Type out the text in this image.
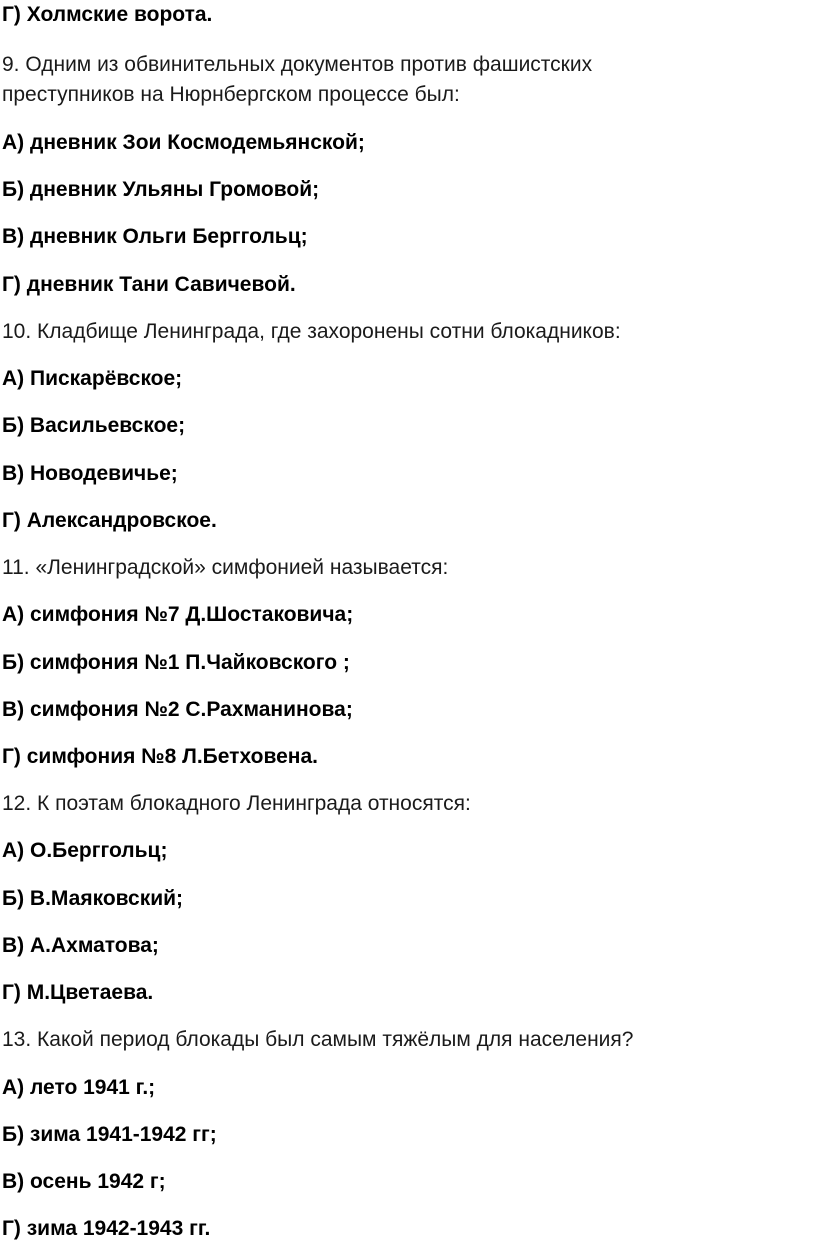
Г) Холмские ворота.
9. Одним из обвинительных документов против фашистских
преступников на Нюрнбергском процессе был:
А) дневник Зои Космодемьянской;
Б) дневник Ульяны Громовой;
В) дневник Ольги Берггольц;
Г) дневник Тани Савичевой.
10. Кладбище Ленинграда, где захоронены сотни блокадников:
А) Пискарёвское;
Б) Васильевское;
В) Новодевичье;
Г) Александровское.
11. «Ленинградской» симфонией называется:
А) симфония №7 Д.Шостаковича;
Б) симфония №1 П.Чайковского ;
В) симфония №2 С.Рахманинова;
Г) симфония №8 Л.Бетховена.
12. К поэтам блокадного Ленинграда относятся:
А) О.Берггольц;
Б) В.Маяковский;
В) А.Ахматова;
Г) М.Цветаева.
13. Какой период блокады был самым тяжёлым для населения?
А) лето 1941 г.;
Б) зима 1941-1942 гг;
В) осень 1942 г;
Г) зима 1942-1943 гг.
